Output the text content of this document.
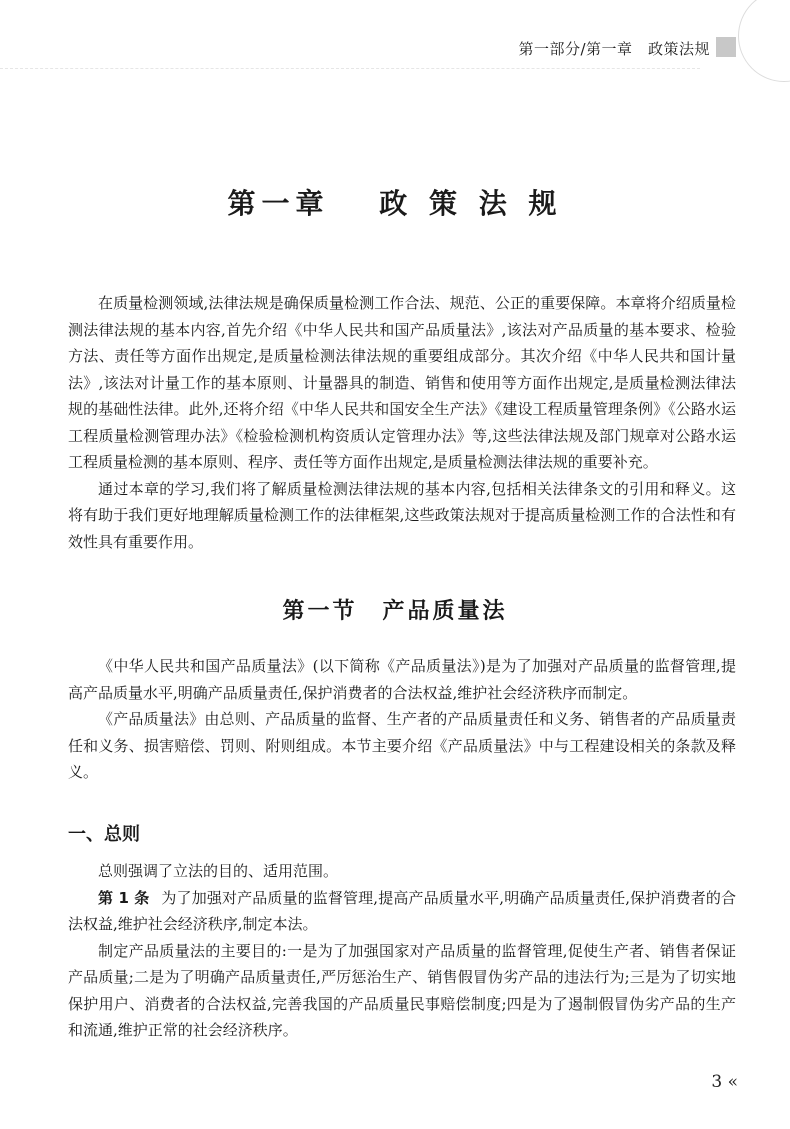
第一部分/第一章　政策法规
第一章　 政 策 法 规

在质量检测领域,法律法规是确保质量检测工作合法、规范、公正的重要保障。本章将介绍质量检测法律法规的基本内容,首先介绍《中华人民共和国产品质量法》,该法对产品质量的基本要求、检验方法、责任等方面作出规定,是质量检测法律法规的重要组成部分。其次介绍《中华人民共和国计量法》,该法对计量工作的基本原则、计量器具的制造、销售和使用等方面作出规定,是质量检测法律法规的基础性法律。此外,还将介绍《中华人民共和国安全生产法》《建设工程质量管理条例》《公路水运工程质量检测管理办法》《检验检测机构资质认定管理办法》等,这些法律法规及部门规章对公路水运工程质量检测的基本原则、程序、责任等方面作出规定,是质量检测法律法规的重要补充。

通过本章的学习,我们将了解质量检测法律法规的基本内容,包括相关法律条文的引用和释义。这将有助于我们更好地理解质量检测工作的法律框架,这些政策法规对于提高质量检测工作的合法性和有效性具有重要作用。

第一节　产品质量法

《中华人民共和国产品质量法》(以下简称《产品质量法》)是为了加强对产品质量的监督管理,提高产品质量水平,明确产品质量责任,保护消费者的合法权益,维护社会经济秩序而制定。

《产品质量法》由总则、产品质量的监督、生产者的产品质量责任和义务、销售者的产品质量责任和义务、损害赔偿、罚则、附则组成。本节主要介绍《产品质量法》中与工程建设相关的条款及释义。

一、总则

总则强调了立法的目的、适用范围。

第 1 条 为了加强对产品质量的监督管理,提高产品质量水平,明确产品质量责任,保护消费者的合法权益,维护社会经济秩序,制定本法。

制定产品质量法的主要目的:一是为了加强国家对产品质量的监督管理,促使生产者、销售者保证产品质量;二是为了明确产品质量责任,严厉惩治生产、销售假冒伪劣产品的违法行为;三是为了切实地保护用户、消费者的合法权益,完善我国的产品质量民事赔偿制度;四是为了遏制假冒伪劣产品的生产和流通,维护正常的社会经济秩序。

3 «
